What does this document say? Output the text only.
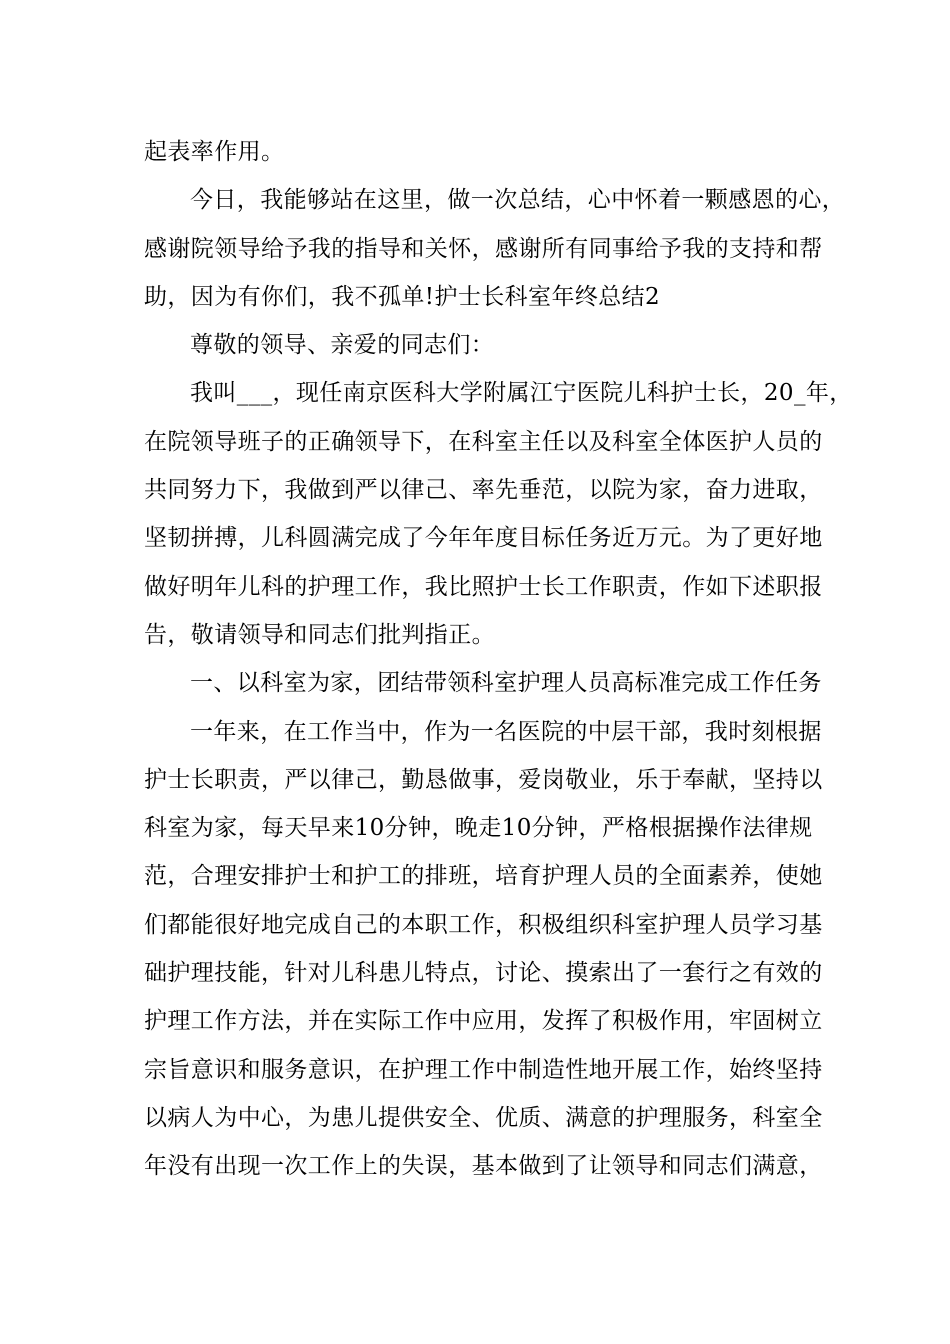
起表率作用。
今日，我能够站在这里，做一次总结，心中怀着一颗感恩的心，
感谢院领导给予我的指导和关怀，感谢所有同事给予我的支持和帮
助，因为有你们，我不孤单!护士长科室年终总结2
尊敬的领导、亲爱的同志们：
我叫___，现任南京医科大学附属江宁医院儿科护士长，20_年，
在院领导班子的正确领导下，在科室主任以及科室全体医护人员的
共同努力下，我做到严以律己、率先垂范，以院为家，奋力进取，
坚韧拼搏，儿科圆满完成了今年年度目标任务近万元。为了更好地
做好明年儿科的护理工作，我比照护士长工作职责，作如下述职报
告，敬请领导和同志们批判指正。
一、以科室为家，团结带领科室护理人员高标准完成工作任务
一年来，在工作当中，作为一名医院的中层干部，我时刻根据
护士长职责，严以律己，勤恳做事，爱岗敬业，乐于奉献，坚持以
科室为家，每天早来10分钟，晚走10分钟，严格根据操作法律规
范，合理安排护士和护工的排班，培育护理人员的全面素养，使她
们都能很好地完成自己的本职工作，积极组织科室护理人员学习基
础护理技能，针对儿科患儿特点，讨论、摸索出了一套行之有效的
护理工作方法，并在实际工作中应用，发挥了积极作用，牢固树立
宗旨意识和服务意识，在护理工作中制造性地开展工作，始终坚持
以病人为中心，为患儿提供安全、优质、满意的护理服务，科室全
年没有出现一次工作上的失误，基本做到了让领导和同志们满意，
